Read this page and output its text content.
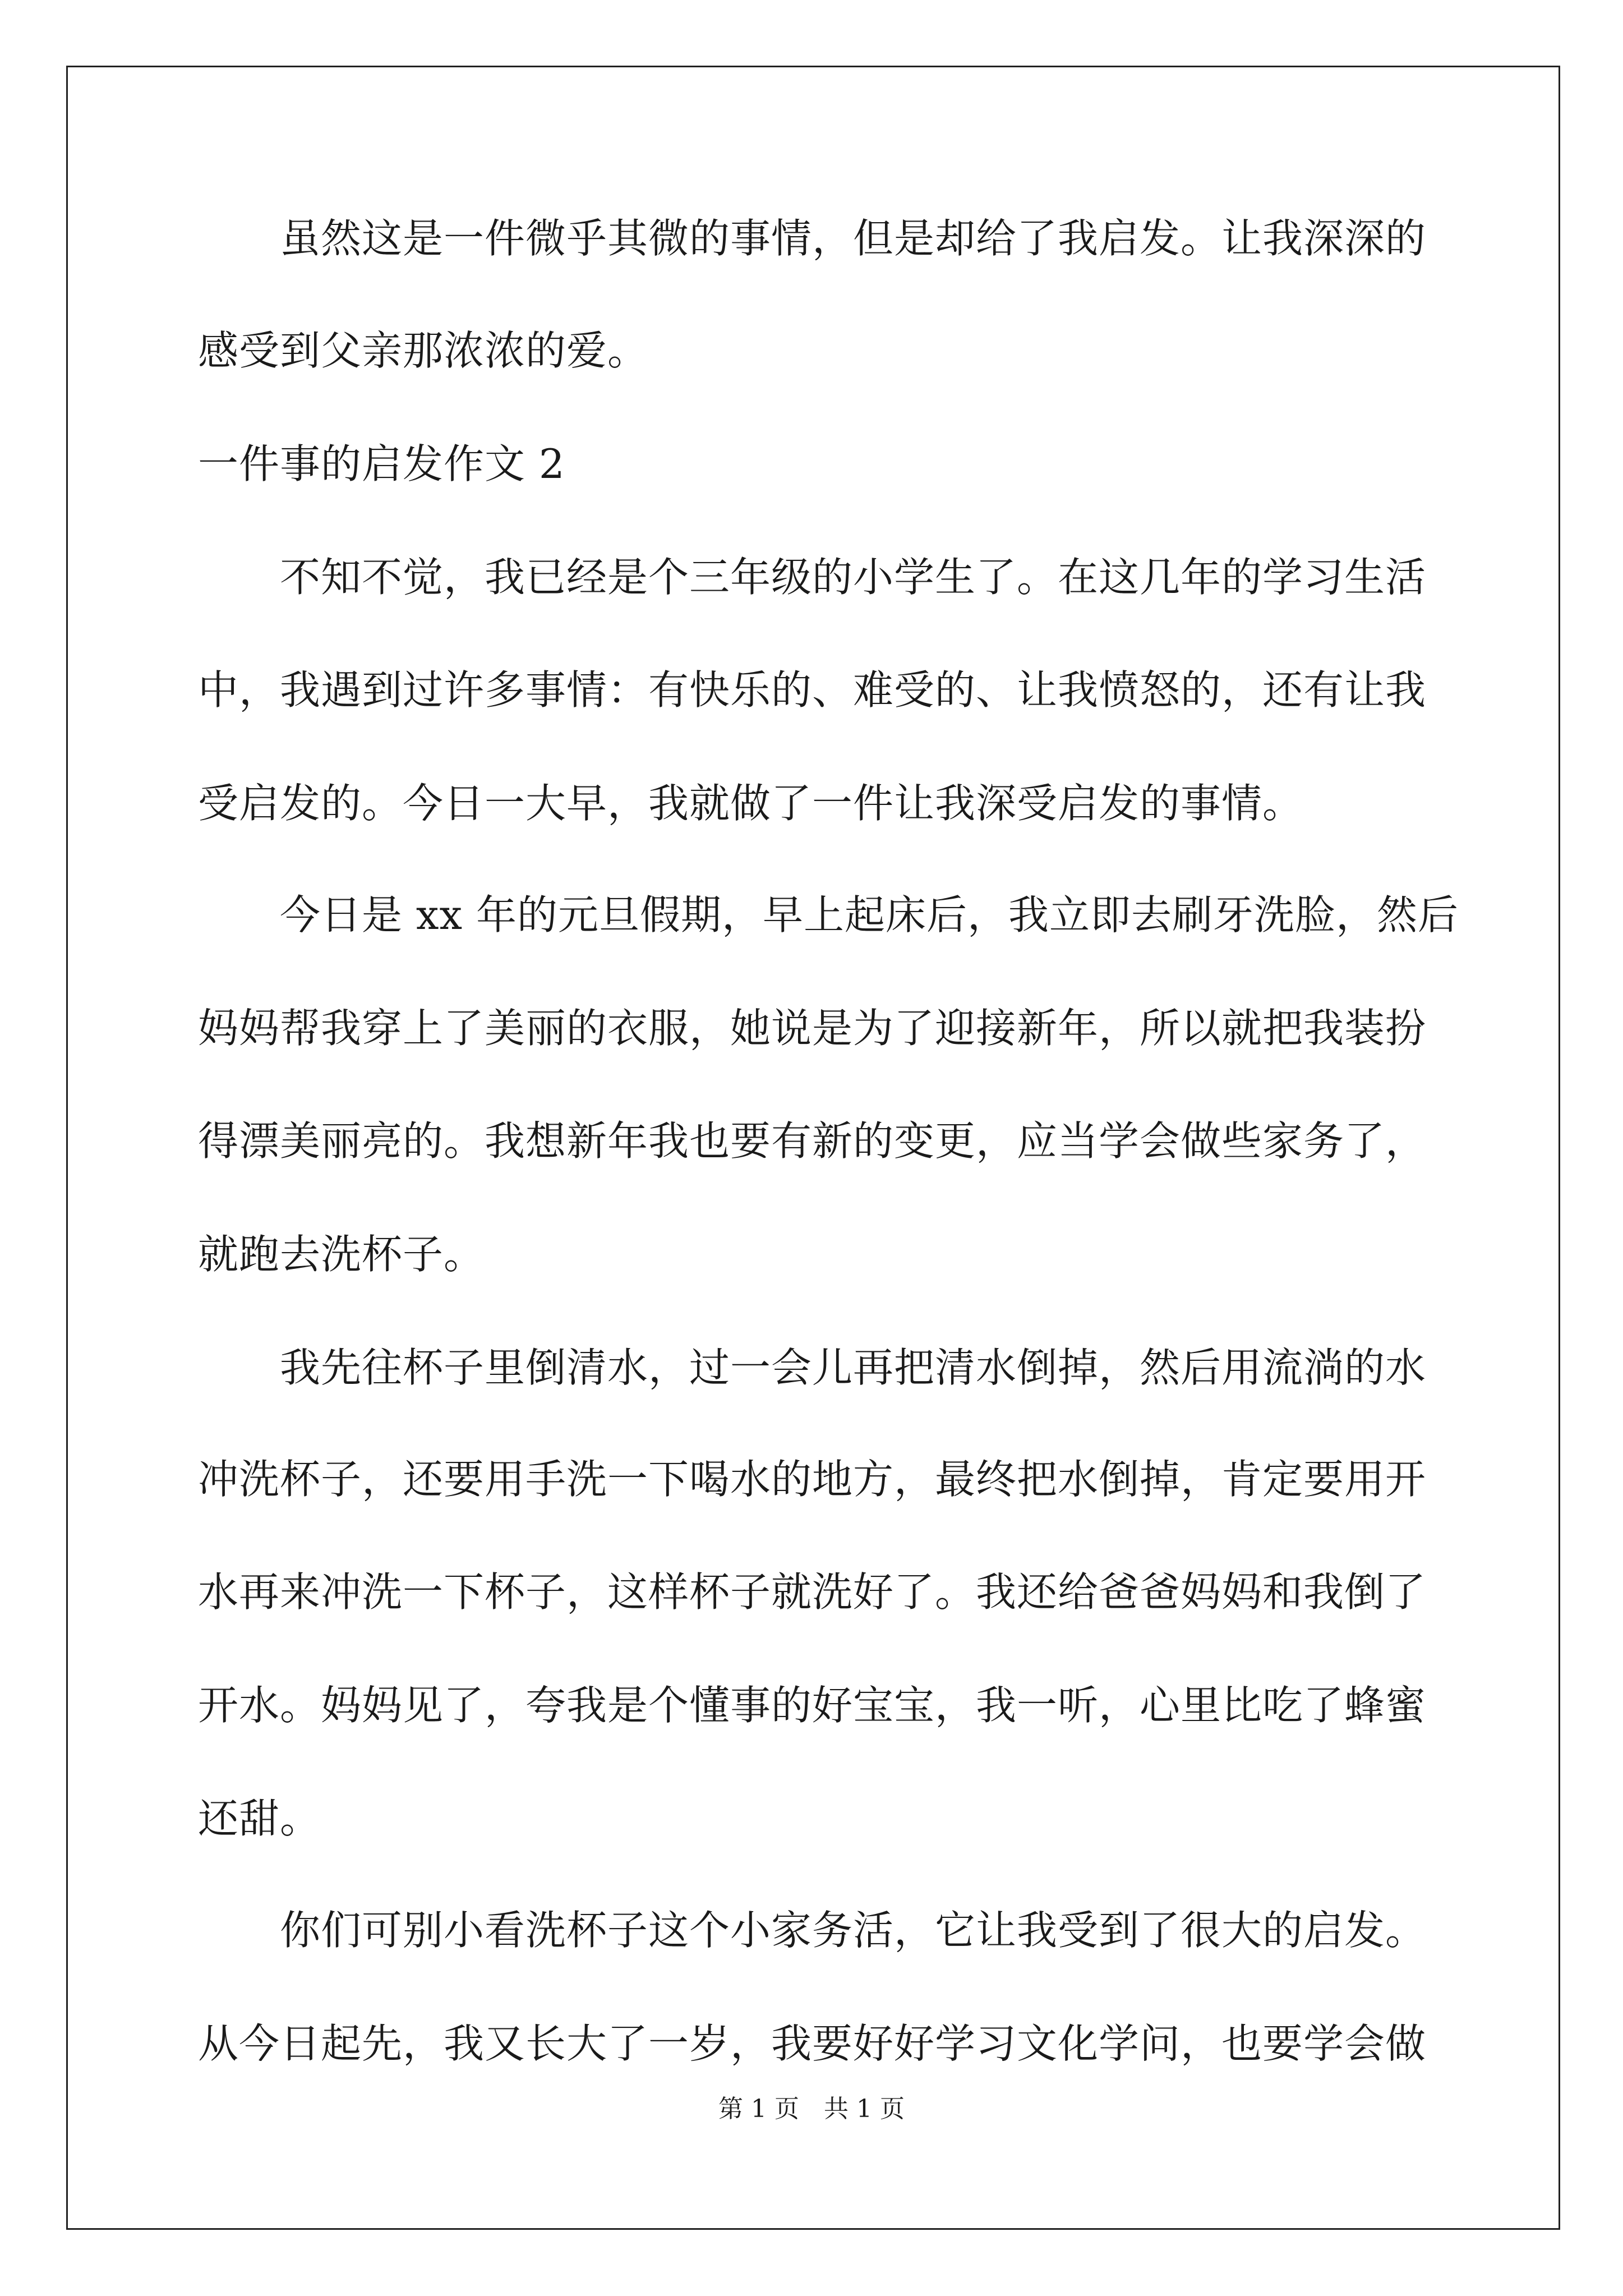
　　虽然这是一件微乎其微的事情，但是却给了我启发。让我深深的
感受到父亲那浓浓的爱。
一件事的启发作文 2
　　不知不觉，我已经是个三年级的小学生了。在这几年的学习生活
中，我遇到过许多事情：有快乐的、难受的、让我愤怒的，还有让我
受启发的。今日一大早，我就做了一件让我深受启发的事情。
　　今日是 xx 年的元旦假期，早上起床后，我立即去刷牙洗脸，然后
妈妈帮我穿上了美丽的衣服，她说是为了迎接新年，所以就把我装扮
得漂美丽亮的。我想新年我也要有新的变更，应当学会做些家务了，
就跑去洗杯子。
　　我先往杯子里倒清水，过一会儿再把清水倒掉，然后用流淌的水
冲洗杯子，还要用手洗一下喝水的地方，最终把水倒掉，肯定要用开
水再来冲洗一下杯子，这样杯子就洗好了。我还给爸爸妈妈和我倒了
开水。妈妈见了，夸我是个懂事的好宝宝，我一听，心里比吃了蜂蜜
还甜。
　　你们可别小看洗杯子这个小家务活，它让我受到了很大的启发。
从今日起先，我又长大了一岁，我要好好学习文化学问，也要学会做
第 1 页　共 1 页
